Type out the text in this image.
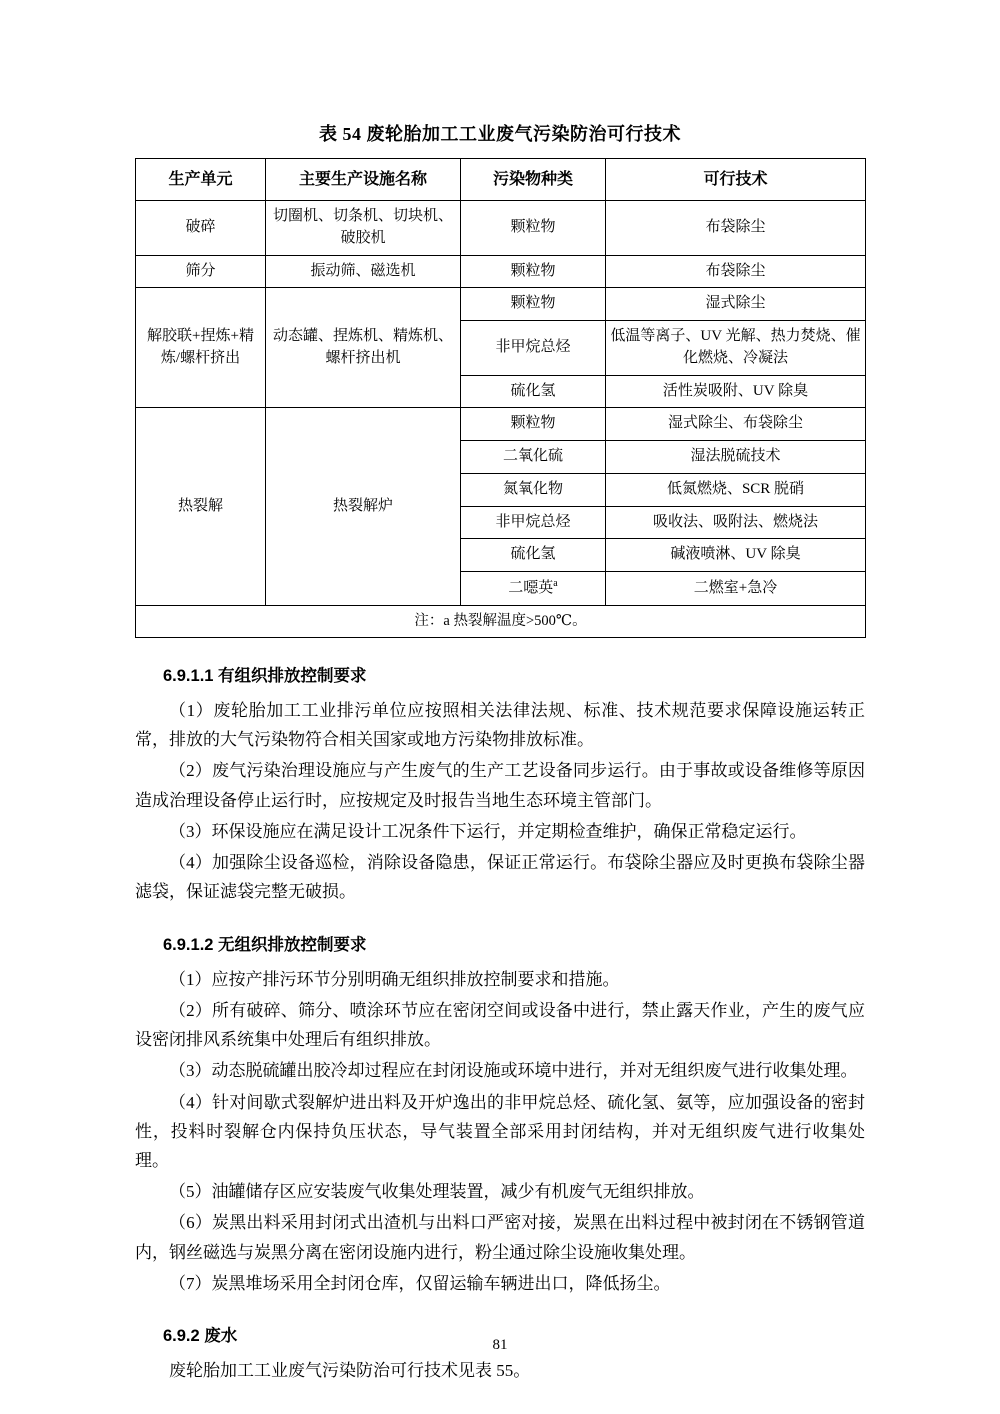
表 54 废轮胎加工工业废气污染防治可行技术
生产单元	主要生产设施名称	污染物种类	可行技术
破碎	切圈机、切条机、切块机、破胶机	颗粒物	布袋除尘
筛分	振动筛、磁选机	颗粒物	布袋除尘
解胶联+捏炼+精炼/螺杆挤出	动态罐、捏炼机、精炼机、螺杆挤出机	颗粒物	湿式除尘
		非甲烷总烃	低温等离子、UV 光解、热力焚烧、催化燃烧、冷凝法
		硫化氢	活性炭吸附、UV 除臭
热裂解	热裂解炉	颗粒物	湿式除尘、布袋除尘
		二氧化硫	湿法脱硫技术
		氮氧化物	低氮燃烧、SCR 脱硝
		非甲烷总烃	吸收法、吸附法、燃烧法
		硫化氢	碱液喷淋、UV 除臭
		二噁英$^a$	二燃室+急冷
注：a 热裂解温度>500℃。			
6.9.1.1 有组织排放控制要求

（1）废轮胎加工工业排污单位应按照相关法律法规、标准、技术规范要求保障设施运转正常，排放的大气污染物符合相关国家或地方污染物排放标准。

（2）废气污染治理设施应与产生废气的生产工艺设备同步运行。由于事故或设备维修等原因造成治理设备停止运行时，应按规定及时报告当地生态环境主管部门。

（3）环保设施应在满足设计工况条件下运行，并定期检查维护，确保正常稳定运行。

（4）加强除尘设备巡检，消除设备隐患，保证正常运行。布袋除尘器应及时更换布袋除尘器滤袋，保证滤袋完整无破损。

6.9.1.2 无组织排放控制要求

（1）应按产排污环节分别明确无组织排放控制要求和措施。

（2）所有破碎、筛分、喷涂环节应在密闭空间或设备中进行，禁止露天作业，产生的废气应设密闭排风系统集中处理后有组织排放。

（3）动态脱硫罐出胶冷却过程应在封闭设施或环境中进行，并对无组织废气进行收集处理。

（4）针对间歇式裂解炉进出料及开炉逸出的非甲烷总烃、硫化氢、氨等，应加强设备的密封性，投料时裂解仓内保持负压状态，导气装置全部采用封闭结构，并对无组织废气进行收集处理。

（5）油罐储存区应安装废气收集处理装置，减少有机废气无组织排放。

（6）炭黑出料采用封闭式出渣机与出料口严密对接，炭黑在出料过程中被封闭在不锈钢管道内，钢丝磁选与炭黑分离在密闭设施内进行，粉尘通过除尘设施收集处理。

（7）炭黑堆场采用全封闭仓库，仅留运输车辆进出口，降低扬尘。

6.9.2 废水

废轮胎加工工业废气污染防治可行技术见表 55。

81
